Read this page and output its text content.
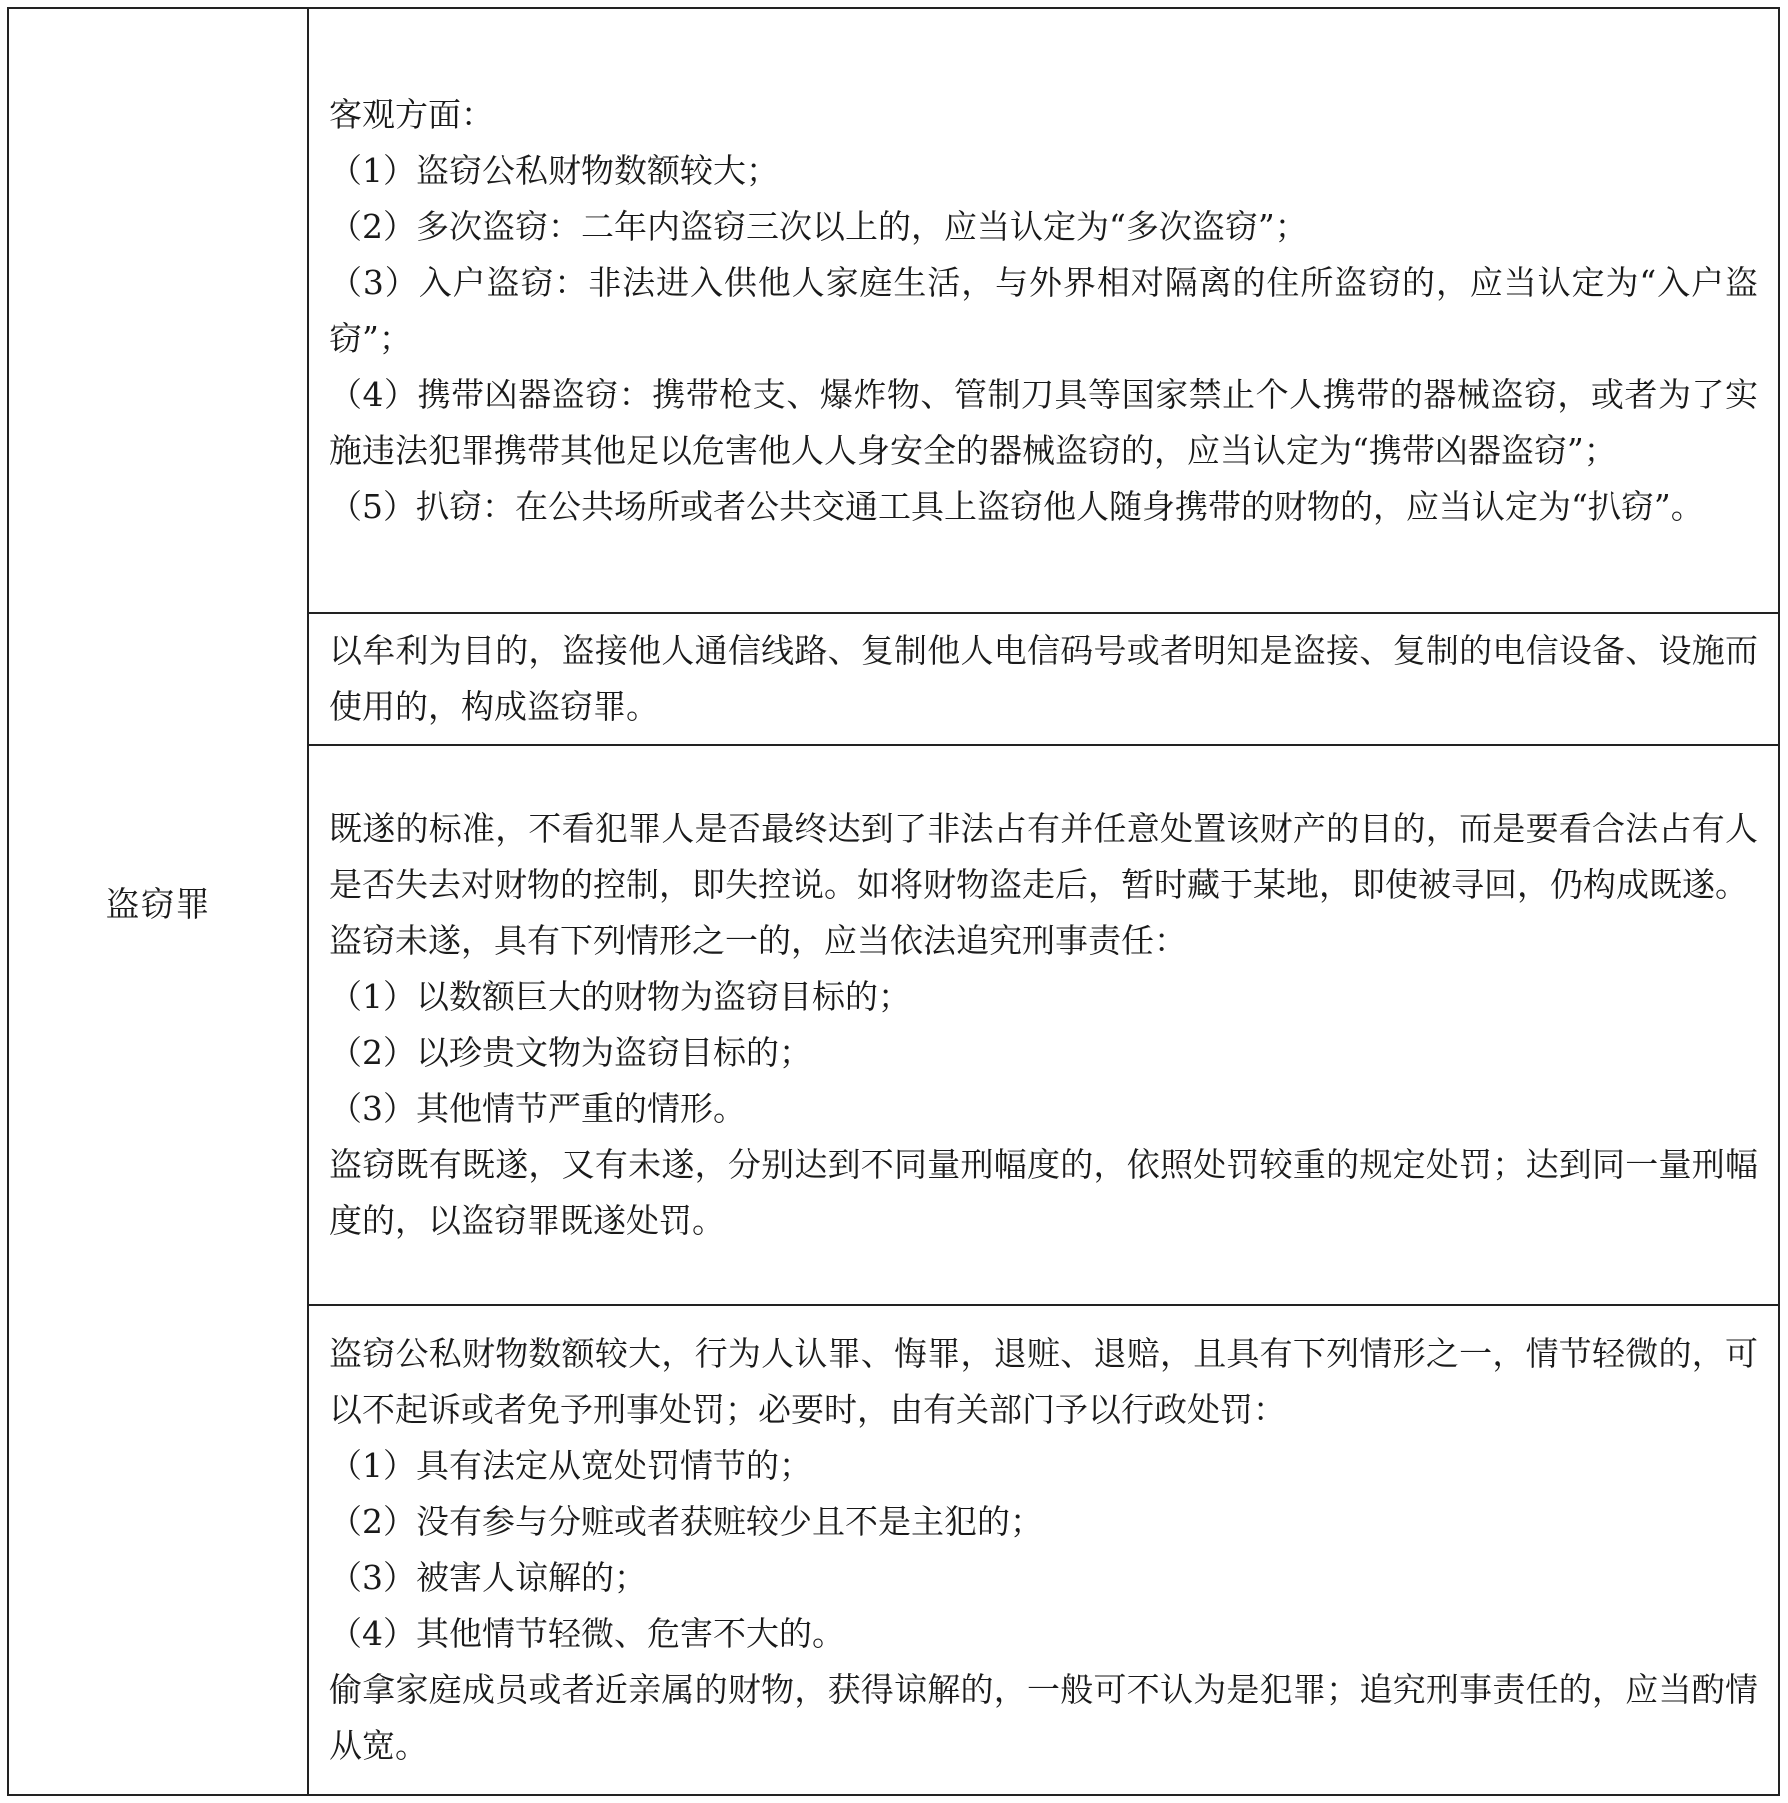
盗窃罪	
客观方面：
（1）盗窃公私财物数额较大；
（2）多次盗窃：二年内盗窃三次以上的，应当认定为“多次盗窃”；
（3）入户盗窃：非法进入供他人家庭生活，与外界相对隔离的住所盗窃的，应当认定为“入户盗窃”；
（4）携带凶器盗窃：携带枪支、爆炸物、管制刀具等国家禁止个人携带的器械盗窃，或者为了实施违法犯罪携带其他足以危害他人人身安全的器械盗窃的，应当认定为“携带凶器盗窃”；
（5）扒窃：在公共场所或者公共交通工具上盗窃他人随身携带的财物的，应当认定为“扒窃”。

以牟利为目的，盗接他人通信线路、复制他人电信码号或者明知是盗接、复制的电信设备、设施而使用的，构成盗窃罪。

既遂的标准，不看犯罪人是否最终达到了非法占有并任意处置该财产的目的，而是要看合法占有人是否失去对财物的控制，即失控说。如将财物盗走后，暂时藏于某地，即使被寻回，仍构成既遂。
盗窃未遂，具有下列情形之一的，应当依法追究刑事责任：
（1）以数额巨大的财物为盗窃目标的；
（2）以珍贵文物为盗窃目标的；
（3）其他情节严重的情形。
盗窃既有既遂，又有未遂，分别达到不同量刑幅度的，依照处罚较重的规定处罚；达到同一量刑幅度的，以盗窃罪既遂处罚。

盗窃公私财物数额较大，行为人认罪、悔罪，退赃、退赔，且具有下列情形之一，情节轻微的，可以不起诉或者免予刑事处罚；必要时，由有关部门予以行政处罚：
（1）具有法定从宽处罚情节的；
（2）没有参与分赃或者获赃较少且不是主犯的；
（3）被害人谅解的；
（4）其他情节轻微、危害不大的。
偷拿家庭成员或者近亲属的财物，获得谅解的，一般可不认为是犯罪；追究刑事责任的，应当酌情从宽。
